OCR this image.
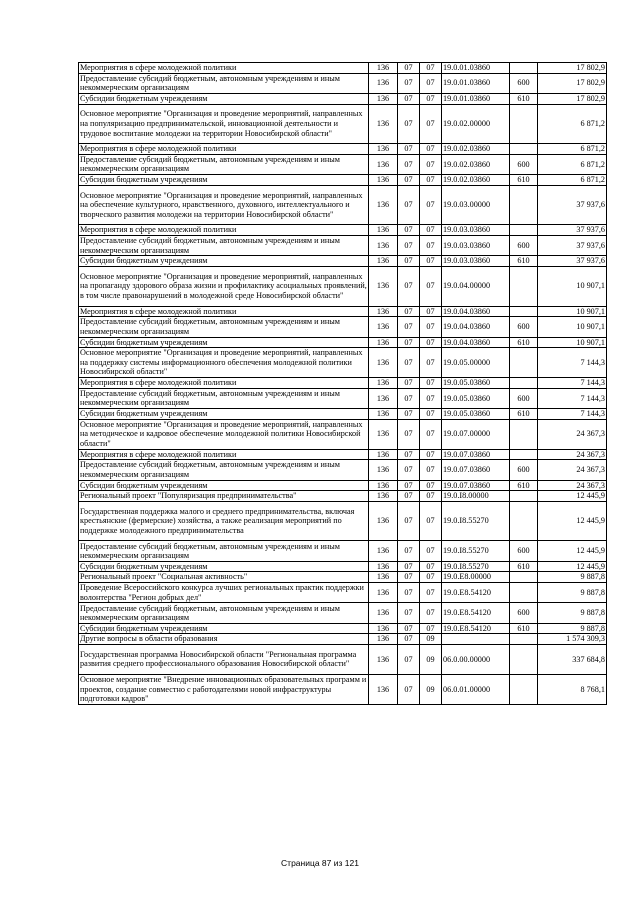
Мероприятия в сфере молодежной политики	136	07	07	19.0.01.03860		17 802,9
Предоставление субсидий бюджетным, автономным учреждениям и иным некоммерческим организациям	136	07	07	19.0.01.03860	600	17 802,9
Субсидии бюджетным учреждениям	136	07	07	19.0.01.03860	610	17 802,9
Основное мероприятие "Организация и проведение мероприятий, направленных на популяризацию предпринимательской, инновационной деятельности и трудовое воспитание молодежи на территории Новосибирской области"	136	07	07	19.0.02.00000		6 871,2
Мероприятия в сфере молодежной политики	136	07	07	19.0.02.03860		6 871,2
Предоставление субсидий бюджетным, автономным учреждениям и иным некоммерческим организациям	136	07	07	19.0.02.03860	600	6 871,2
Субсидии бюджетным учреждениям	136	07	07	19.0.02.03860	610	6 871,2
Основное мероприятие "Организация и проведение мероприятий, направленных на обеспечение культурного, нравственного, духовного, интеллектуального и творческого развития молодежи на территории Новосибирской области"	136	07	07	19.0.03.00000		37 937,6
Мероприятия в сфере молодежной политики	136	07	07	19.0.03.03860		37 937,6
Предоставление субсидий бюджетным, автономным учреждениям и иным некоммерческим организациям	136	07	07	19.0.03.03860	600	37 937,6
Субсидии бюджетным учреждениям	136	07	07	19.0.03.03860	610	37 937,6
Основное мероприятие "Организация и проведение мероприятий, направленных на пропаганду здорового образа жизни и профилактику асоциальных проявлений, в том числе правонарушений в молодежной среде Новосибирской области"	136	07	07	19.0.04.00000		10 907,1
Мероприятия в сфере молодежной политики	136	07	07	19.0.04.03860		10 907,1
Предоставление субсидий бюджетным, автономным учреждениям и иным некоммерческим организациям	136	07	07	19.0.04.03860	600	10 907,1
Субсидии бюджетным учреждениям	136	07	07	19.0.04.03860	610	10 907,1
Основное мероприятие "Организация и проведение мероприятий, направленных на поддержку системы информационного обеспечения молодежной политики Новосибирской области"	136	07	07	19.0.05.00000		7 144,3
Мероприятия в сфере молодежной политики	136	07	07	19.0.05.03860		7 144,3
Предоставление субсидий бюджетным, автономным учреждениям и иным некоммерческим организациям	136	07	07	19.0.05.03860	600	7 144,3
Субсидии бюджетным учреждениям	136	07	07	19.0.05.03860	610	7 144,3
Основное мероприятие "Организация и проведение мероприятий, направленных на методическое и кадровое обеспечение молодежной политики Новосибирской области"	136	07	07	19.0.07.00000		24 367,3
Мероприятия в сфере молодежной политики	136	07	07	19.0.07.03860		24 367,3
Предоставление субсидий бюджетным, автономным учреждениям и иным некоммерческим организациям	136	07	07	19.0.07.03860	600	24 367,3
Субсидии бюджетным учреждениям	136	07	07	19.0.07.03860	610	24 367,3
Региональный проект "Популяризация предпринимательства"	136	07	07	19.0.I8.00000		12 445,9
Государственная поддержка малого и среднего предпринимательства, включая крестьянские (фермерские) хозяйства, а также реализация мероприятий по поддержке молодежного предпринимательства	136	07	07	19.0.I8.55270		12 445,9
Предоставление субсидий бюджетным, автономным учреждениям и иным некоммерческим организациям	136	07	07	19.0.I8.55270	600	12 445,9
Субсидии бюджетным учреждениям	136	07	07	19.0.I8.55270	610	12 445,9
Региональный проект "Социальная активность"	136	07	07	19.0.E8.00000		9 887,8
Проведение Всероссийского конкурса лучших региональных практик поддержки волонтерства "Регион добрых дел"	136	07	07	19.0.E8.54120		9 887,8
Предоставление субсидий бюджетным, автономным учреждениям и иным некоммерческим организациям	136	07	07	19.0.E8.54120	600	9 887,8
Субсидии бюджетным учреждениям	136	07	07	19.0.E8.54120	610	9 887,8
Другие вопросы в области образования	136	07	09			1 574 309,3
Государственная программа Новосибирской области "Региональная программа развития среднего профессионального образования Новосибирской области"	136	07	09	06.0.00.00000		337 684,8
Основное мероприятие "Внедрение инновационных образовательных программ и проектов, создание совместно с работодателями новой инфраструктуры подготовки кадров"	136	07	09	06.0.01.00000		8 768,1
Страница 87 из 121
